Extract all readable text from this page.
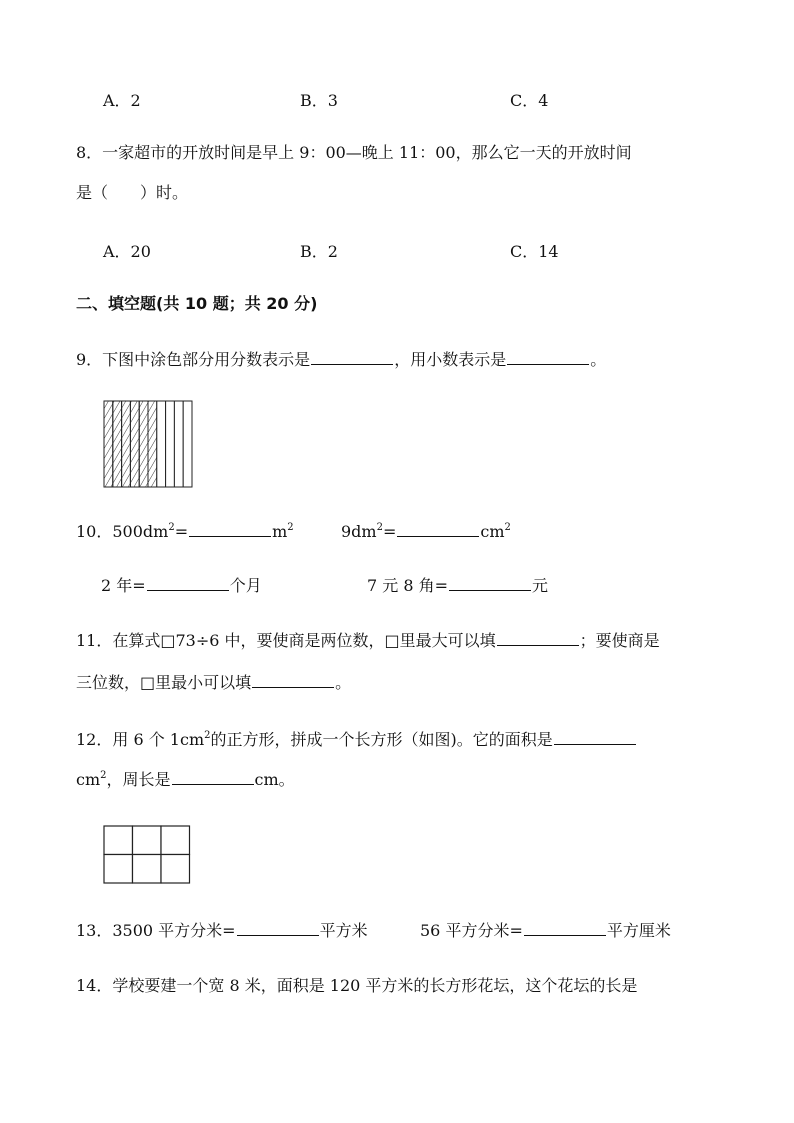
A．2	B．3	C．4
8．一家超市的开放时间是早上 9：00—晚上 11：00，那么它一天的开放时间
是（　　）时。
A．20	B．2	C．14
二、填空题(共 10 题；共 20 分)
9．下图中涂色部分用分数表示是	，用小数表示是	。
10．$500dm^2=$	$m^2$	$9dm^2=$	$cm^2$
2 年=	个月	7 元 8 角=	元
11．在算式□73÷6 中，要使商是两位数，□里最大可以填	；要使商是
三位数，□里最小可以填	。
12．用 6 个 $1cm^2$的正方形，拼成一个长方形（如图)。它的面积是
$cm^2$，周长是	cm。
13．3500 平方分米=	平方米	56 平方分米=	平方厘米
14．学校要建一个宽 8 米，面积是 120 平方米的长方形花坛，这个花坛的长是
